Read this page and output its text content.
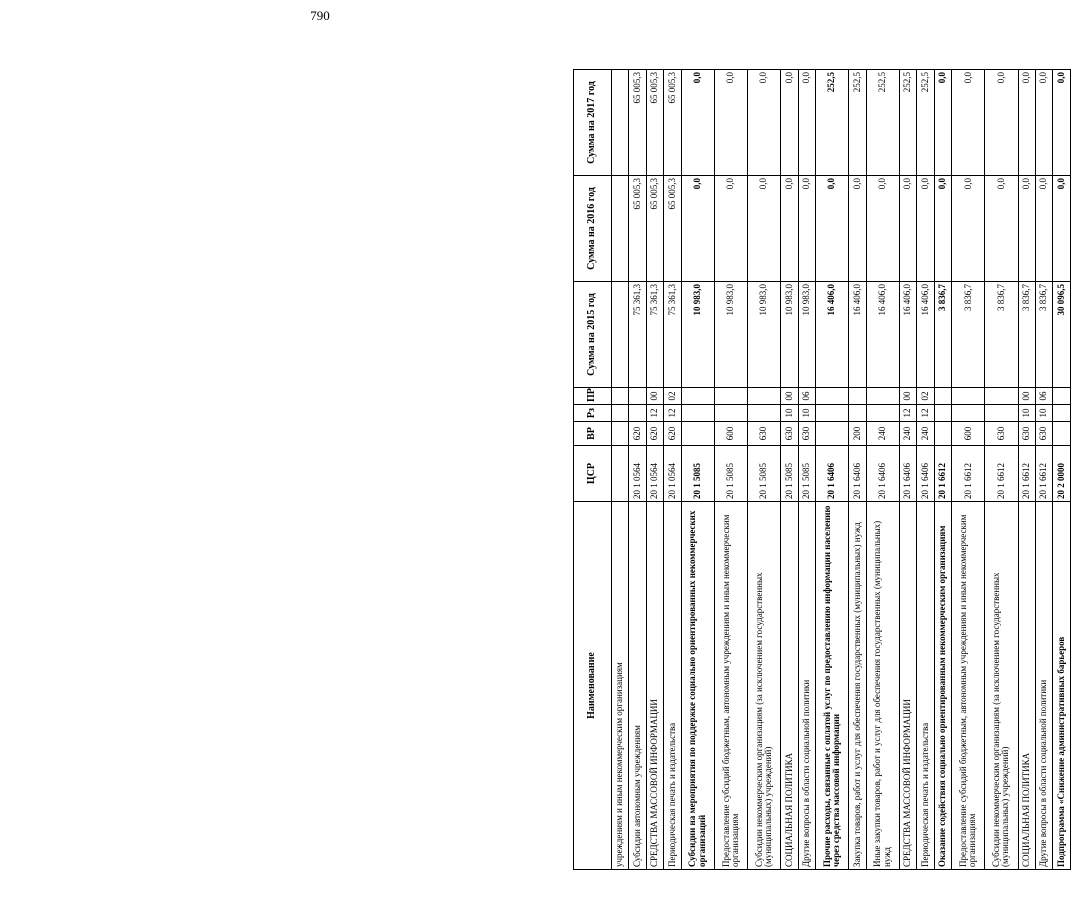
790
Наименование	ЦСР	ВР	Рз	ПР	Сумма на 2015 год	Сумма на 2016 год	Сумма на 2017 год
учреждениям и иным некоммерческим организациям							
Субсидии автономным учреждениям	20 1 0564	620			75 361,3	65 005,3	65 005,3
СРЕДСТВА МАССОВОЙ ИНФОРМАЦИИ	20 1 0564	620	12	00	75 361,3	65 005,3	65 005,3
Периодическая печать и издательства	20 1 0564	620	12	02	75 361,3	65 005,3	65 005,3
Субсидии на мероприятия по поддержке социально ориентированных некоммерческих организаций	20 1 5085				10 983,0	0,0	0,0
Предоставление субсидий бюджетным, автономным учреждениям и иным некоммерческим организациям	20 1 5085	600			10 983,0	0,0	0,0
Субсидии некоммерческим организациям (за исключением государственных (муниципальных) учреждений)	20 1 5085	630			10 983,0	0,0	0,0
СОЦИАЛЬНАЯ ПОЛИТИКА	20 1 5085	630	10	00	10 983,0	0,0	0,0
Другие вопросы в области социальной политики	20 1 5085	630	10	06	10 983,0	0,0	0,0
Прочие расходы, связанные с оплатой услуг по предоставлению информации населению через средства массовой информации	20 1 6406				16 406,0	0,0	252,5
Закупка товаров, работ и услуг для обеспечения государственных (муниципальных) нужд	20 1 6406	200			16 406,0	0,0	252,5
Иные закупки товаров, работ и услуг для обеспечения государственных (муниципальных) нужд	20 1 6406	240			16 406,0	0,0	252,5
СРЕДСТВА МАССОВОЙ ИНФОРМАЦИИ	20 1 6406	240	12	00	16 406,0	0,0	252,5
Периодическая печать и издательства	20 1 6406	240	12	02	16 406,0	0,0	252,5
Оказание содействия социально ориентированным некоммерческим организациям	20 1 6612				3 836,7	0,0	0,0
Предоставление субсидий бюджетным, автономным учреждениям и иным некоммерческим организациям	20 1 6612	600			3 836,7	0,0	0,0
Субсидии некоммерческим организациям (за исключением государственных (муниципальных) учреждений)	20 1 6612	630			3 836,7	0,0	0,0
СОЦИАЛЬНАЯ ПОЛИТИКА	20 1 6612	630	10	00	3 836,7	0,0	0,0
Другие вопросы в области социальной политики	20 1 6612	630	10	06	3 836,7	0,0	0,0
Подпрограмма «Снижение административных барьеров	20 2 0000				30 096,5	0,0	0,0
